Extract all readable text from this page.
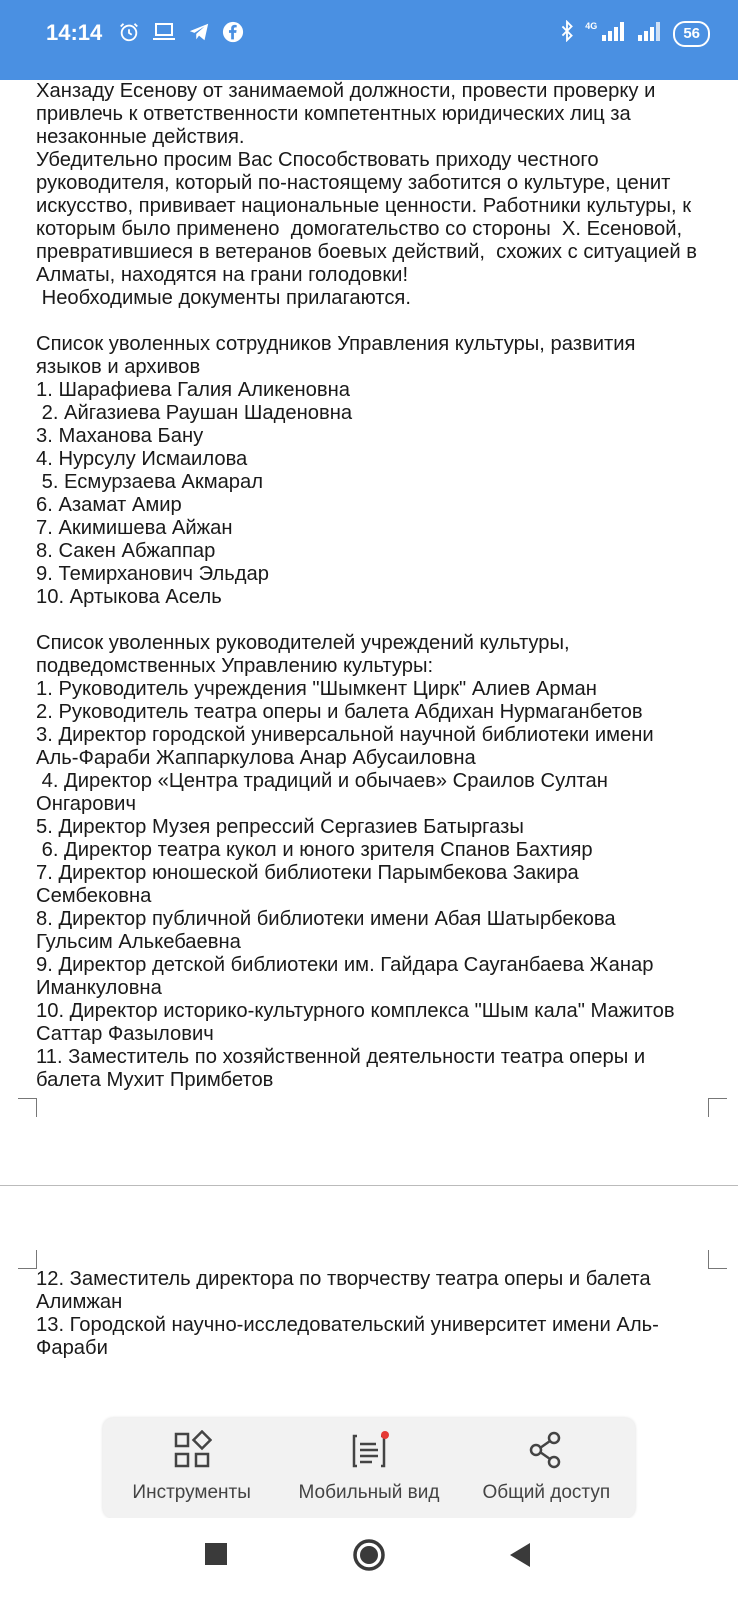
14:14	4G	56

Ханзаду Есенову от занимаемой должности, провести проверку и

привлечь к ответственности компетентных юридических лиц за

незаконные действия.

Убедительно просим Вас Способствовать приходу честного

руководителя, который по-настоящему заботится о культуре, ценит

искусство, прививает национальные ценности. Работники культуры, к

которым было применено  домогательство со стороны  Х. Есеновой,

превратившиеся в ветеранов боевых действий,  схожих с ситуацией в

Алматы, находятся на грани голодовки!

Необходимые документы прилагаются.

Список уволенных сотрудников Управления культуры, развития

языков и архивов

1. Шарафиева Галия Аликеновна

2. Айгазиева Раушан Шаденовна

3. Маханова Бану

4. Нурсулу Исмаилова

5. Есмурзаева Акмарал

6. Азамат Амир

7. Акимишева Айжан

8. Сакен Абжаппар

9. Темирханович Эльдар

10. Артыкова Асель

Список уволенных руководителей учреждений культуры,

подведомственных Управлению культуры:

1. Руководитель учреждения "Шымкент Цирк" Алиев Арман

2. Руководитель театра оперы и балета Абдихан Нурмаганбетов

3. Директор городской универсальной научной библиотеки имени

Аль-Фараби Жаппаркулова Анар Абусаиловна

4. Директор «Центра традиций и обычаев» Сраилов Султан

Онгарович

5. Директор Музея репрессий Сергазиев Батыргазы

6. Директор театра кукол и юного зрителя Спанов Бахтияр

7. Директор юношеской библиотеки Парымбекова Закира

Сембековна

8. Директор публичной библиотеки имени Абая Шатырбекова

Гульсим Алькебаевна

9. Директор детской библиотеки им. Гайдара Сауганбаева Жанар

Иманкуловна

10. Директор историко-культурного комплекса "Шым кала" Мажитов

Саттар Фазылович

11. Заместитель по хозяйственной деятельности театра оперы и

балета Мухит Примбетов

12. Заместитель директора по творчеству театра оперы и балета

Алимжан

13. Городской научно-исследовательский университет имени Аль-

Фараби

Инструменты	Мобильный вид Общий доступ
